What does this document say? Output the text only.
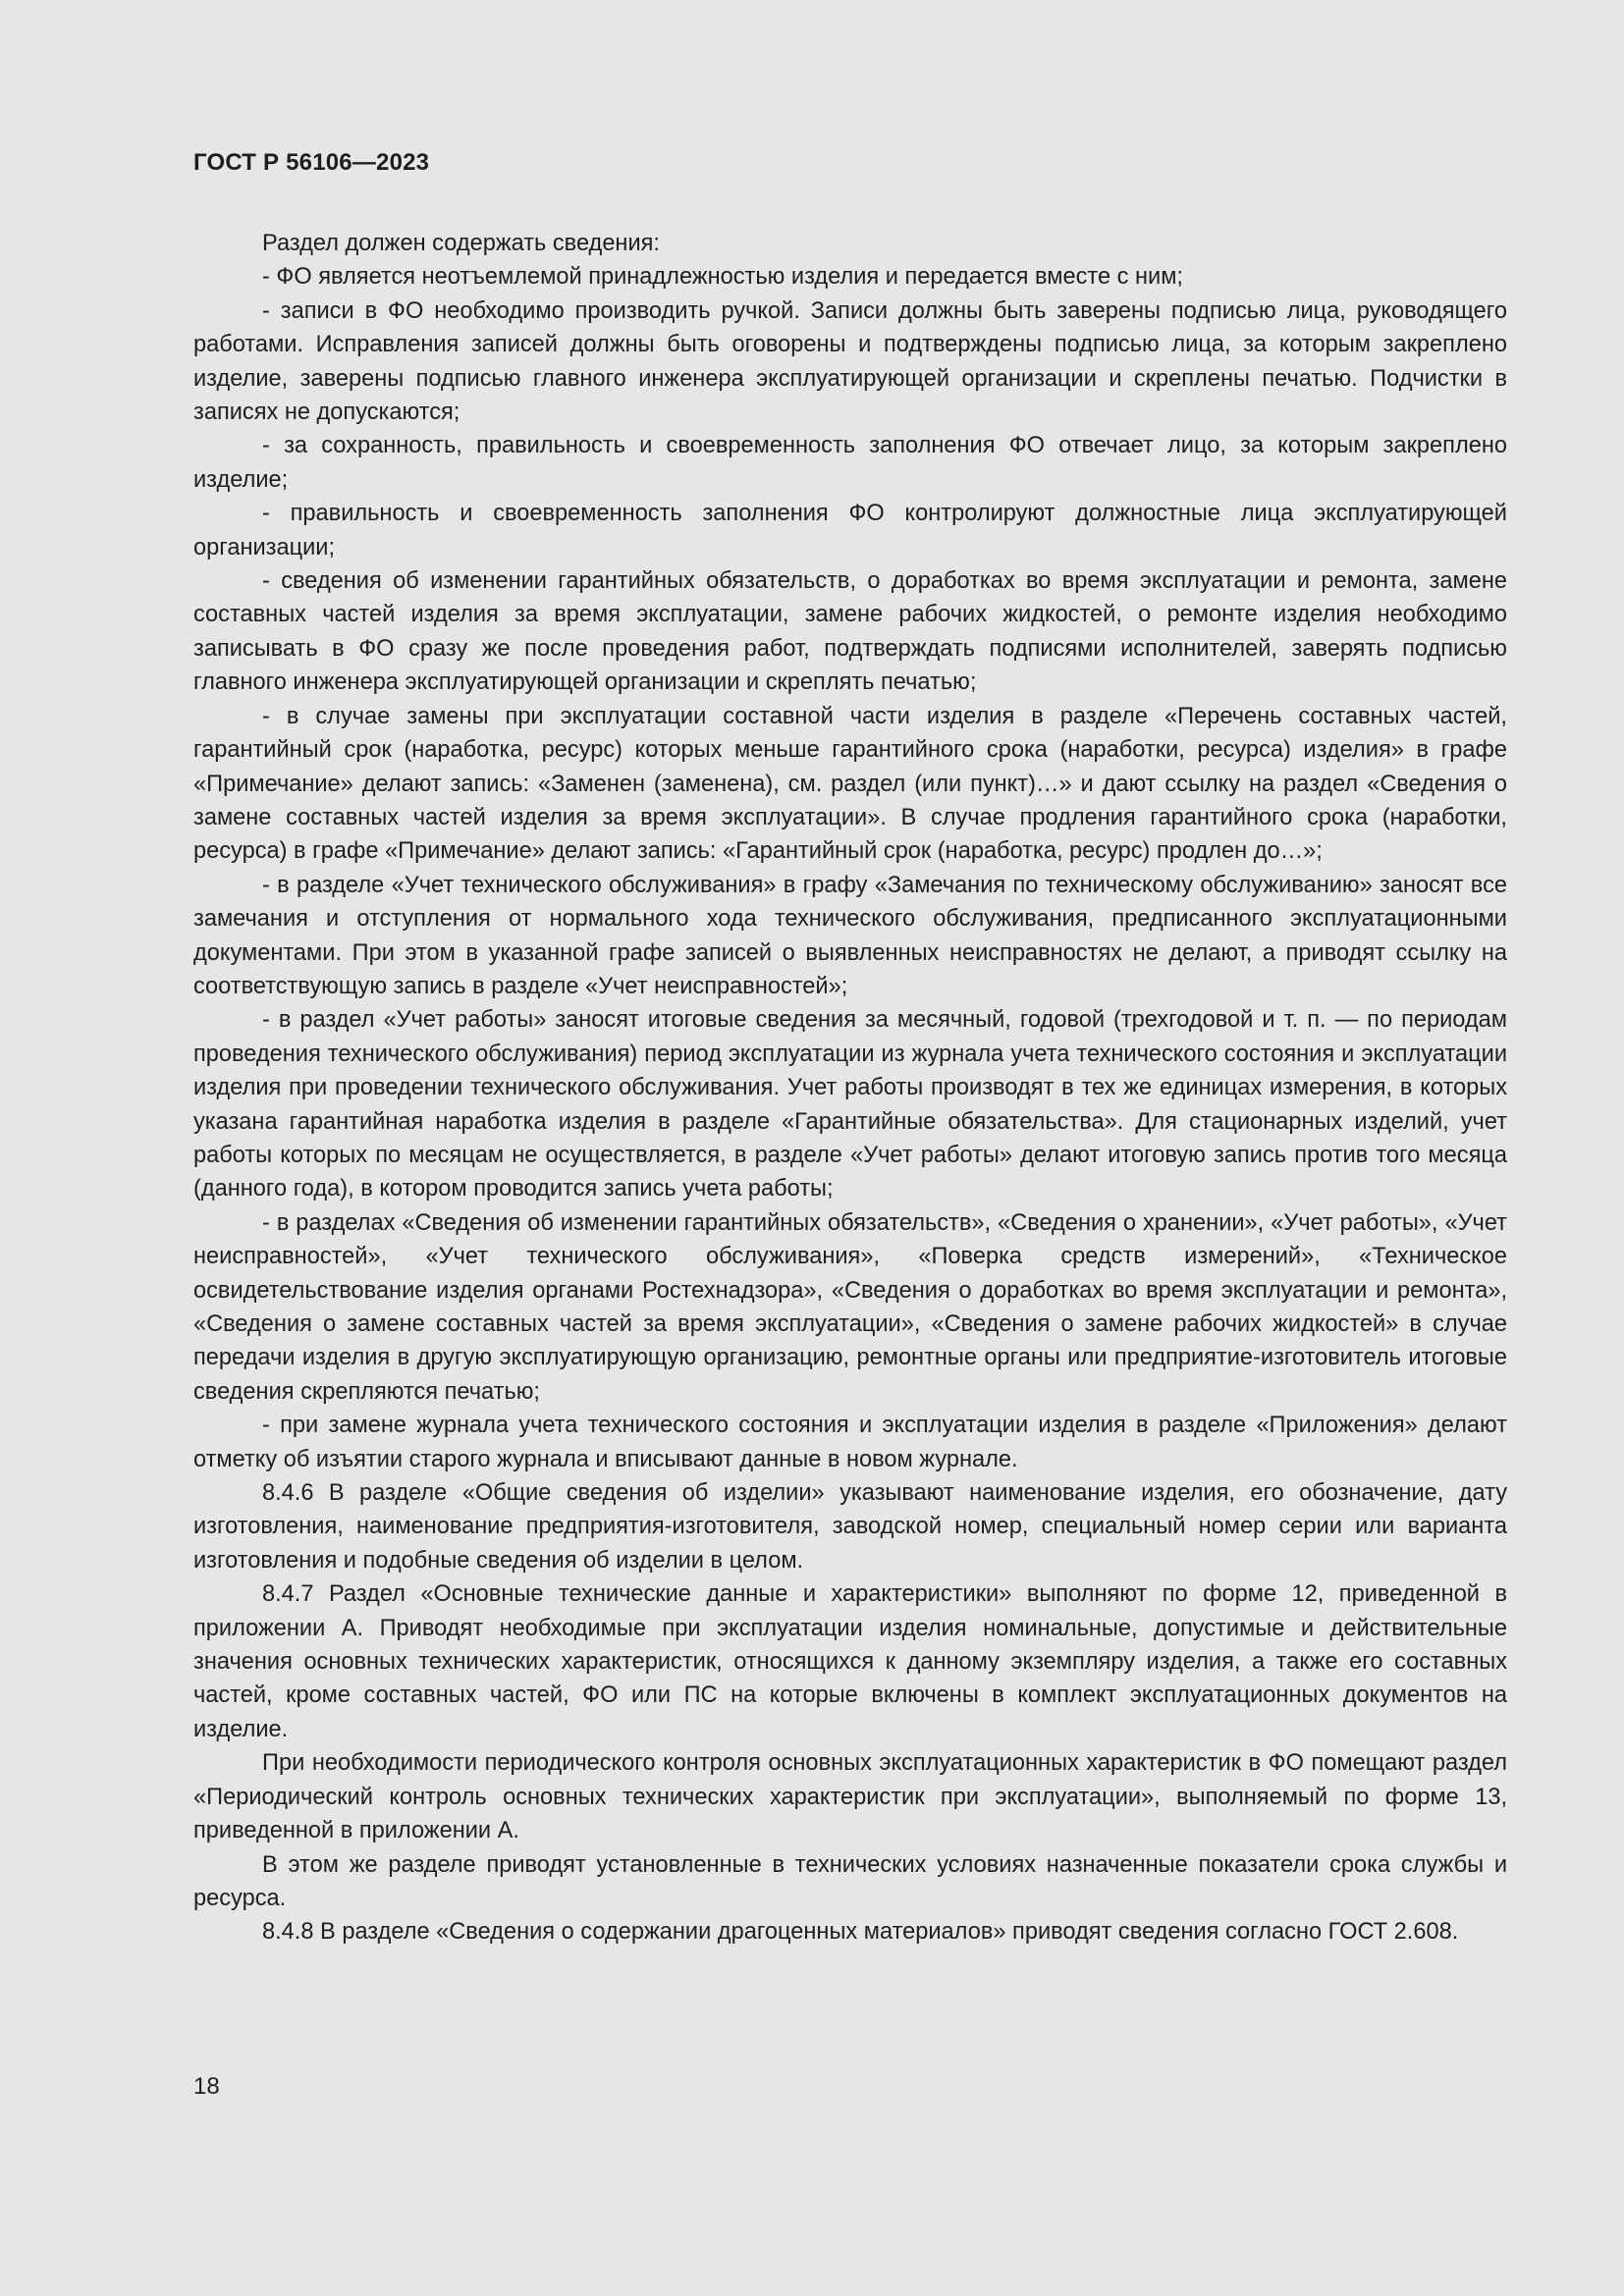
ГОСТ Р 56106—2023

Раздел должен содержать сведения:

- ФО является неотъемлемой принадлежностью изделия и передается вместе с ним;

- записи в ФО необходимо производить ручкой. Записи должны быть заверены подписью лица, руководящего работами. Исправления записей должны быть оговорены и подтверждены подписью лица, за которым закреплено изделие, заверены подписью главного инженера эксплуатирующей организации и скреплены печатью. Подчистки в записях не допускаются;

- за сохранность, правильность и своевременность заполнения ФО отвечает лицо, за которым закреплено изделие;

- правильность и своевременность заполнения ФО контролируют должностные лица эксплуатирующей организации;

- сведения об изменении гарантийных обязательств, о доработках во время эксплуатации и ремонта, замене составных частей изделия за время эксплуатации, замене рабочих жидкостей, о ремонте изделия необходимо записывать в ФО сразу же после проведения работ, подтверждать подписями исполнителей, заверять подписью главного инженера эксплуатирующей организации и скреплять печатью;

- в случае замены при эксплуатации составной части изделия в разделе «Перечень составных частей, гарантийный срок (наработка, ресурс) которых меньше гарантийного срока (наработки, ресурса) изделия» в графе «Примечание» делают запись: «Заменен (заменена), см. раздел (или пункт)…» и дают ссылку на раздел «Сведения о замене составных частей изделия за время эксплуатации». В случае продления гарантийного срока (наработки, ресурса) в графе «Примечание» делают запись: «Гарантийный срок (наработка, ресурс) продлен до…»;

- в разделе «Учет технического обслуживания» в графу «Замечания по техническому обслуживанию» заносят все замечания и отступления от нормального хода технического обслуживания, предписанного эксплуатационными документами. При этом в указанной графе записей о выявленных неисправностях не делают, а приводят ссылку на соответствующую запись в разделе «Учет неисправностей»;

- в раздел «Учет работы» заносят итоговые сведения за месячный, годовой (трехгодовой и т. п. — по периодам проведения технического обслуживания) период эксплуатации из журнала учета технического состояния и эксплуатации изделия при проведении технического обслуживания. Учет работы производят в тех же единицах измерения, в которых указана гарантийная наработка изделия в разделе «Гарантийные обязательства». Для стационарных изделий, учет работы которых по месяцам не осуществляется, в разделе «Учет работы» делают итоговую запись против того месяца (данного года), в котором проводится запись учета работы;

- в разделах «Сведения об изменении гарантийных обязательств», «Сведения о хранении», «Учет работы», «Учет неисправностей», «Учет технического обслуживания», «Поверка средств измерений», «Техническое освидетельствование изделия органами Ростехнадзора», «Сведения о доработках во время эксплуатации и ремонта», «Сведения о замене составных частей за время эксплуатации», «Сведения о замене рабочих жидкостей» в случае передачи изделия в другую эксплуатирующую организацию, ремонтные органы или предприятие-изготовитель итоговые сведения скрепляются печатью;

- при замене журнала учета технического состояния и эксплуатации изделия в разделе «Приложения» делают отметку об изъятии старого журнала и вписывают данные в новом журнале.

8.4.6 В разделе «Общие сведения об изделии» указывают наименование изделия, его обозначение, дату изготовления, наименование предприятия-изготовителя, заводской номер, специальный номер серии или варианта изготовления и подобные сведения об изделии в целом.

8.4.7 Раздел «Основные технические данные и характеристики» выполняют по форме 12, приведенной в приложении А. Приводят необходимые при эксплуатации изделия номинальные, допустимые и действительные значения основных технических характеристик, относящихся к данному экземпляру изделия, а также его составных частей, кроме составных частей, ФО или ПС на которые включены в комплект эксплуатационных документов на изделие.

При необходимости периодического контроля основных эксплуатационных характеристик в ФО помещают раздел «Периодический контроль основных технических характеристик при эксплуатации», выполняемый по форме 13, приведенной в приложении А.

В этом же разделе приводят установленные в технических условиях назначенные показатели срока службы и ресурса.

8.4.8 В разделе «Сведения о содержании драгоценных материалов» приводят сведения согласно ГОСТ 2.608.

18
